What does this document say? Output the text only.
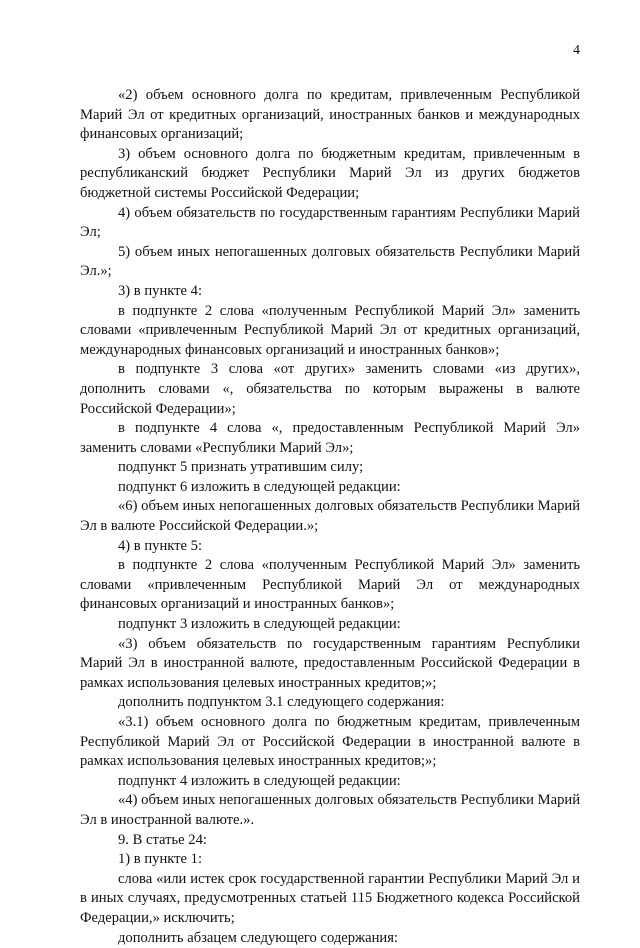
4

«2) объем основного долга по кредитам, привлеченным Республикой Марий Эл от кредитных организаций, иностранных банков и международных финансовых организаций;

3) объем основного долга по бюджетным кредитам, привлеченным в республиканский бюджет Республики Марий Эл из других бюджетов бюджетной системы Российской Федерации;

4) объем обязательств по государственным гарантиям Республики Марий Эл;

5) объем иных непогашенных долговых обязательств Республики Марий Эл.»;

3) в пункте 4:

в подпункте 2 слова «полученным Республикой Марий Эл» заменить словами «привлеченным Республикой Марий Эл от кредитных организаций, международных финансовых организаций и иностранных банков»;

в подпункте 3 слова «от других» заменить словами «из других», дополнить словами «, обязательства по которым выражены в валюте Российской Федерации»;

в подпункте 4 слова «, предоставленным Республикой Марий Эл» заменить словами «Республики Марий Эл»;

подпункт 5 признать утратившим силу;

подпункт 6 изложить в следующей редакции:

«6) объем иных непогашенных долговых обязательств Республики Марий Эл в валюте Российской Федерации.»;

4) в пункте 5:

в подпункте 2 слова «полученным Республикой Марий Эл» заменить словами «привлеченным Республикой Марий Эл от международных финансовых организаций и иностранных банков»;

подпункт 3 изложить в следующей редакции:

«3) объем обязательств по государственным гарантиям Республики Марий Эл в иностранной валюте, предоставленным Российской Федерации в рамках использования целевых иностранных кредитов;»;

дополнить подпунктом 3.1 следующего содержания:

«3.1) объем основного долга по бюджетным кредитам, привлеченным Республикой Марий Эл от Российской Федерации в иностранной валюте в рамках использования целевых иностранных кредитов;»;

подпункт 4 изложить в следующей редакции:

«4) объем иных непогашенных долговых обязательств Республики Марий Эл в иностранной валюте.».

9. В статье 24:

1) в пункте 1:

слова «или истек срок государственной гарантии Республики Марий Эл и в иных случаях, предусмотренных статьей 115 Бюджетного кодекса Российской Федерации,» исключить;

дополнить абзацем следующего содержания:
